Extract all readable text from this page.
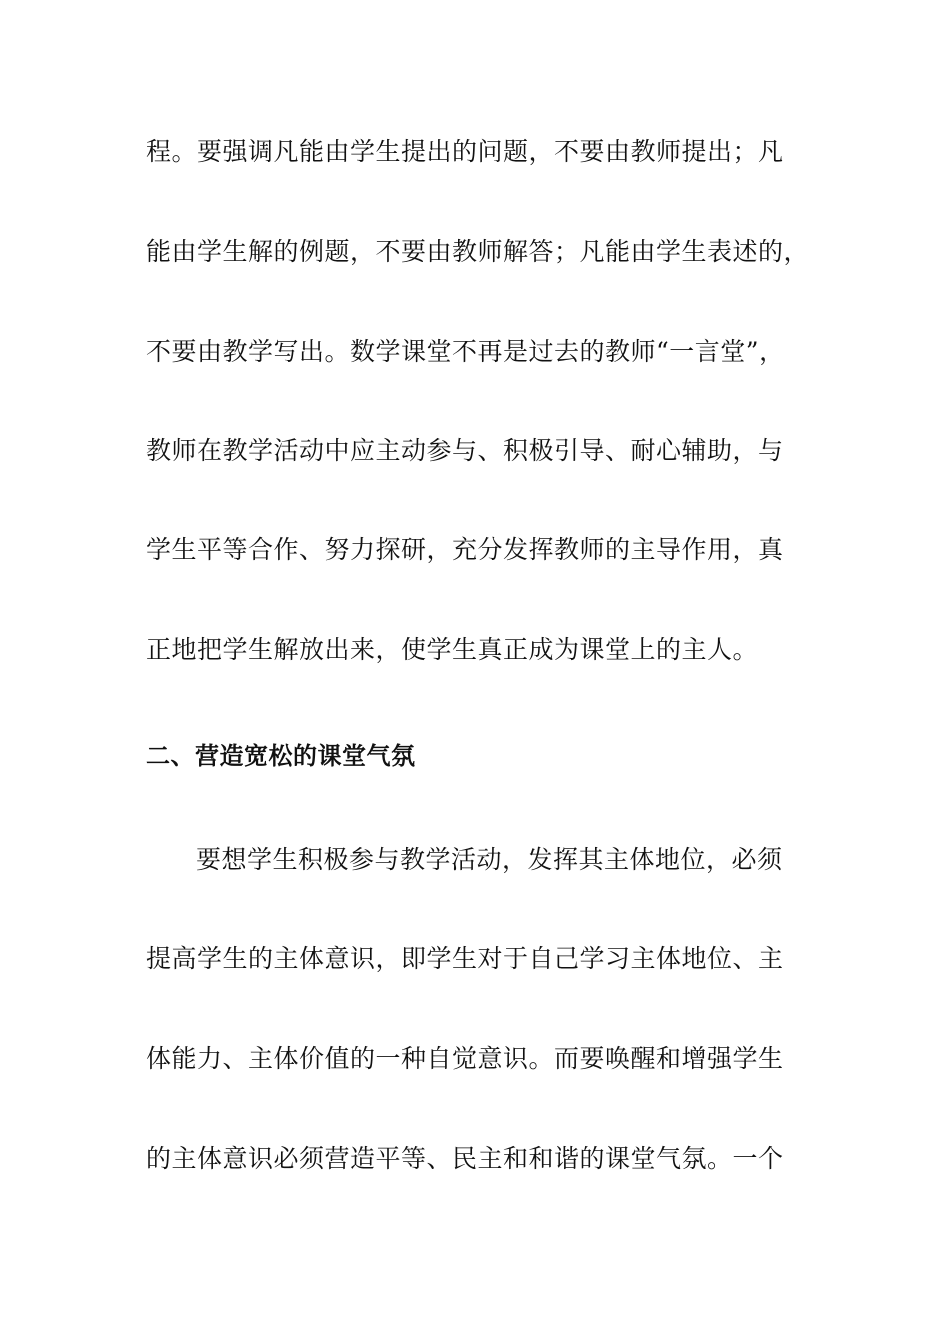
程。要强调凡能由学生提出的问题，不要由教师提出；凡
能由学生解的例题，不要由教师解答；凡能由学生表述的，
不要由教学写出。数学课堂不再是过去的教师“一言堂”，
教师在教学活动中应主动参与、积极引导、耐心辅助，与
学生平等合作、努力探研，充分发挥教师的主导作用，真
正地把学生解放出来，使学生真正成为课堂上的主人。
二、营造宽松的课堂气氛
要想学生积极参与教学活动，发挥其主体地位，必须
提高学生的主体意识，即学生对于自己学习主体地位、主
体能力、主体价值的一种自觉意识。而要唤醒和增强学生
的主体意识必须营造平等、民主和和谐的课堂气氛。一个
